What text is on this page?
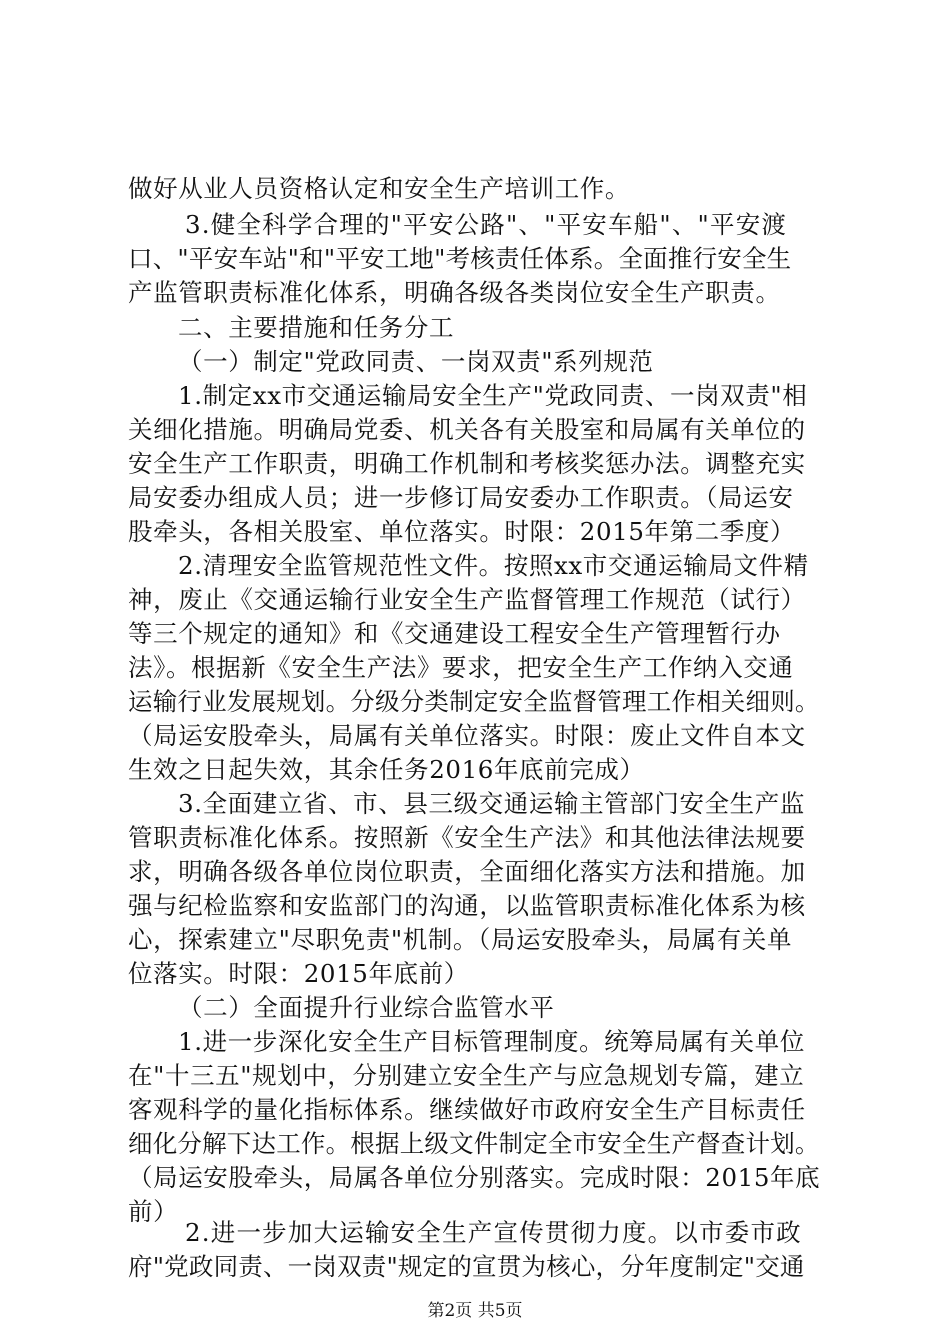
做好从业人员资格认定和安全生产培训工作。
3.健全科学合理的"平安公路"、"平安车船"、"平安渡
口、"平安车站"和"平安工地"考核责任体系。全面推行安全生
产监管职责标准化体系，明确各级各类岗位安全生产职责。
二、主要措施和任务分工
（一）制定"党政同责、一岗双责"系列规范
1.制定xx市交通运输局安全生产"党政同责、一岗双责"相
关细化措施。明确局党委、机关各有关股室和局属有关单位的
安全生产工作职责，明确工作机制和考核奖惩办法。调整充实
局安委办组成人员；进一步修订局安委办工作职责。（局运安
股牵头，各相关股室、单位落实。时限：2015年第二季度）
2.清理安全监管规范性文件。按照xx市交通运输局文件精
神，废止《交通运输行业安全生产监督管理工作规范（试行）
等三个规定的通知》和《交通建设工程安全生产管理暂行办
法》。根据新《安全生产法》要求，把安全生产工作纳入交通
运输行业发展规划。分级分类制定安全监督管理工作相关细则。
（局运安股牵头，局属有关单位落实。时限：废止文件自本文
生效之日起失效，其余任务2016年底前完成）
3.全面建立省、市、县三级交通运输主管部门安全生产监
管职责标准化体系。按照新《安全生产法》和其他法律法规要
求，明确各级各单位岗位职责，全面细化落实方法和措施。加
强与纪检监察和安监部门的沟通，以监管职责标准化体系为核
心，探索建立"尽职免责"机制。（局运安股牵头，局属有关单
位落实。时限：2015年底前）
（二）全面提升行业综合监管水平
1.进一步深化安全生产目标管理制度。统筹局属有关单位
在"十三五"规划中，分别建立安全生产与应急规划专篇，建立
客观科学的量化指标体系。继续做好市政府安全生产目标责任
细化分解下达工作。根据上级文件制定全市安全生产督查计划。
（局运安股牵头，局属各单位分别落实。完成时限：2015年底
前）
2.进一步加大运输安全生产宣传贯彻力度。以市委市政
府"党政同责、一岗双责"规定的宣贯为核心，分年度制定"交通
第2页 共5页
